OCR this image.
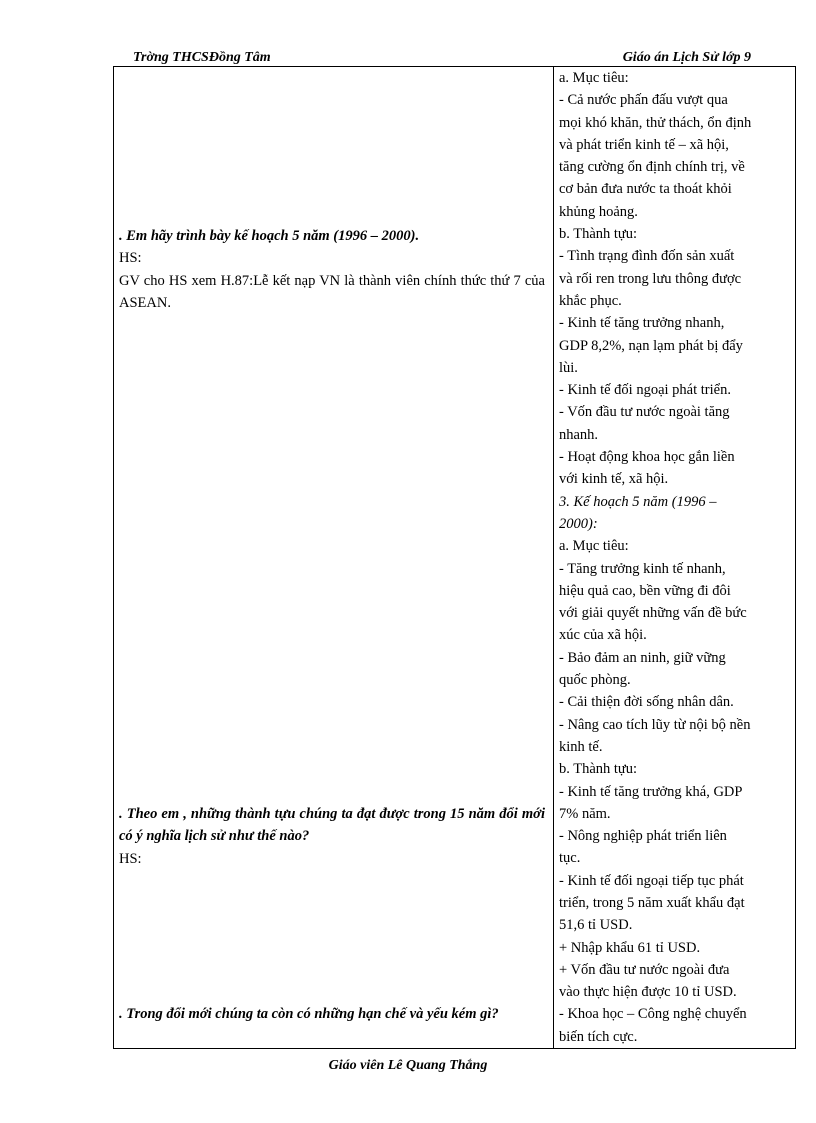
Trờng THCSĐồng Tâm	Giáo án Lịch Sử lớp 9
. Em hãy trình bày kế hoạch 5 năm (1996 – 2000).
HS:
GV cho HS xem H.87:Lễ kết nạp VN là thành viên chính thức thứ 7 của ASEAN.
. Theo em , những thành tựu chúng ta đạt được trong 15 năm đổi mới có ý nghĩa lịch sử như thế nào?
HS:
. Trong đổi mới chúng ta còn có những hạn chế và yếu kém gì?

a. Mục tiêu:
- Cả nước phấn đấu vượt qua
mọi khó khăn, thử thách, ổn định
và phát triển kinh tế – xã hội,
tăng cường ổn định chính trị, về
cơ bản đưa nước ta thoát khỏi
khủng hoảng.
b. Thành tựu:
- Tình trạng đình đốn sản xuất
và rối ren trong lưu thông được
khắc phục.
- Kinh tế tăng trưởng nhanh,
GDP 8,2%, nạn lạm phát bị đẩy
lùi.
- Kinh tế đối ngoại phát triển.
- Vốn đầu tư nước ngoài tăng
nhanh.
- Hoạt động khoa học gắn liền
với kinh tế, xã hội.
3. Kế hoạch 5 năm (1996 –
2000):
a. Mục tiêu:
- Tăng trưởng kinh tế nhanh,
hiệu quả cao, bền vững đi đôi
với giải quyết những vấn đề bức
xúc của xã hội.
- Bảo đảm an ninh, giữ vững
quốc phòng.
- Cải thiện đời sống nhân dân.
- Nâng cao tích lũy từ nội bộ nền
kinh tế.
b. Thành tựu:
- Kinh tế tăng trưởng khá, GDP
7% năm.
- Nông nghiệp phát triển liên
tục.
- Kinh tế đối ngoại tiếp tục phát
triển, trong 5 năm xuất khẩu đạt
51,6 tỉ USD.
+ Nhập khẩu 61 tỉ USD.
+ Vốn đầu tư nước ngoài đưa
vào thực hiện được 10 tỉ USD.
- Khoa học – Công nghệ chuyển
biến tích cực.
Giáo viên Lê Quang Thắng
